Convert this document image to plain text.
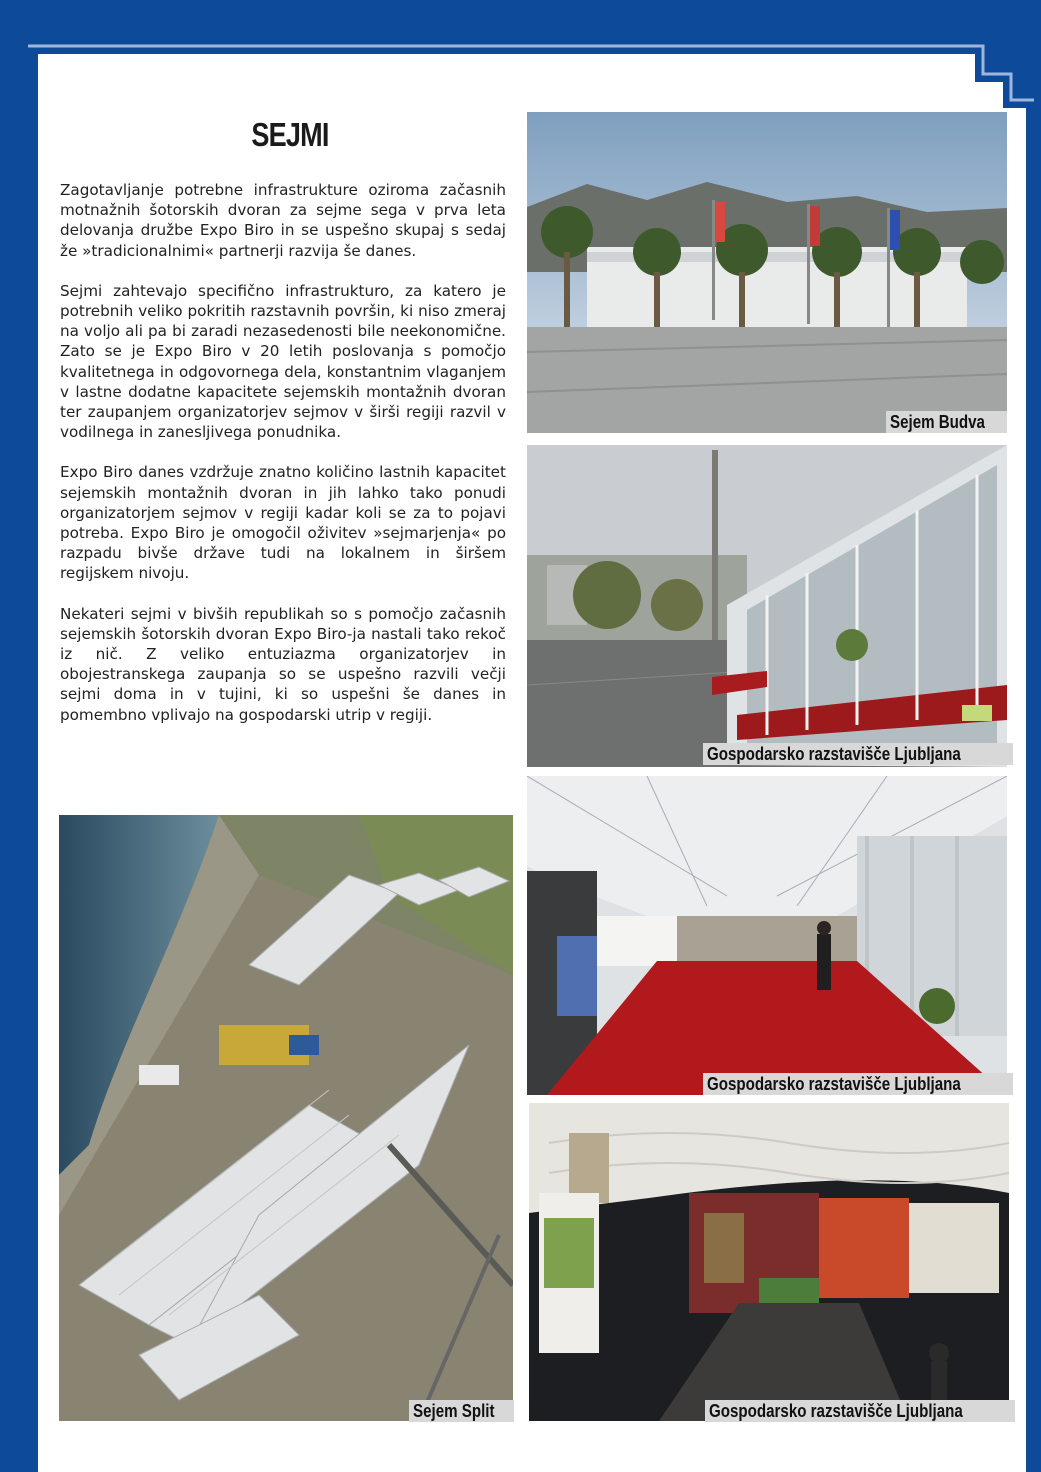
SEJMI

Zagotavljanje potrebne infrastrukture oziroma začasnih motnažnih šotorskih dvoran za sejme sega v prva leta delovanja družbe Expo Biro in se uspešno skupaj s sedaj že »tradicionalnimi« partnerji razvija še danes.

Sejmi zahtevajo specifično infrastrukturo, za katero je potrebnih veliko pokritih razstavnih površin, ki niso zmeraj na voljo ali pa bi zaradi nezasedenosti bile neekonomične. Zato se je Expo Biro v 20 letih poslovanja s pomočjo kvalitetnega in odgovornega dela, konstantnim vlaganjem v lastne dodatne kapacitete sejemskih montažnih dvoran ter zaupanjem organizatorjev sejmov v širši regiji razvil v vodilnega in zanesljivega ponudnika.

Expo Biro danes vzdržuje znatno količino lastnih kapacitet sejemskih montažnih dvoran in jih lahko tako ponudi organizatorjem sejmov v regiji kadar koli se za to pojavi potreba. Expo Biro je omogočil oživitev »sejmarjenja« po razpadu bivše države tudi na lokalnem in širšem regijskem nivoju.

Nekateri sejmi v bivših republikah so s pomočjo začasnih sejemskih šotorskih dvoran Expo Biro-ja nastali tako rekoč iz nič. Z veliko entuziazma organizatorjev in obojestranskega zaupanja so se uspešno razvili večji sejmi doma in v tujini, ki so uspešni še danes in pomembno vplivajo na gospodarski utrip v regiji.

Sejem Budva
Gospodarsko razstavišče Ljubljana
Gospodarsko razstavišče Ljubljana
Gospodarsko razstavišče Ljubljana
Sejem Split
